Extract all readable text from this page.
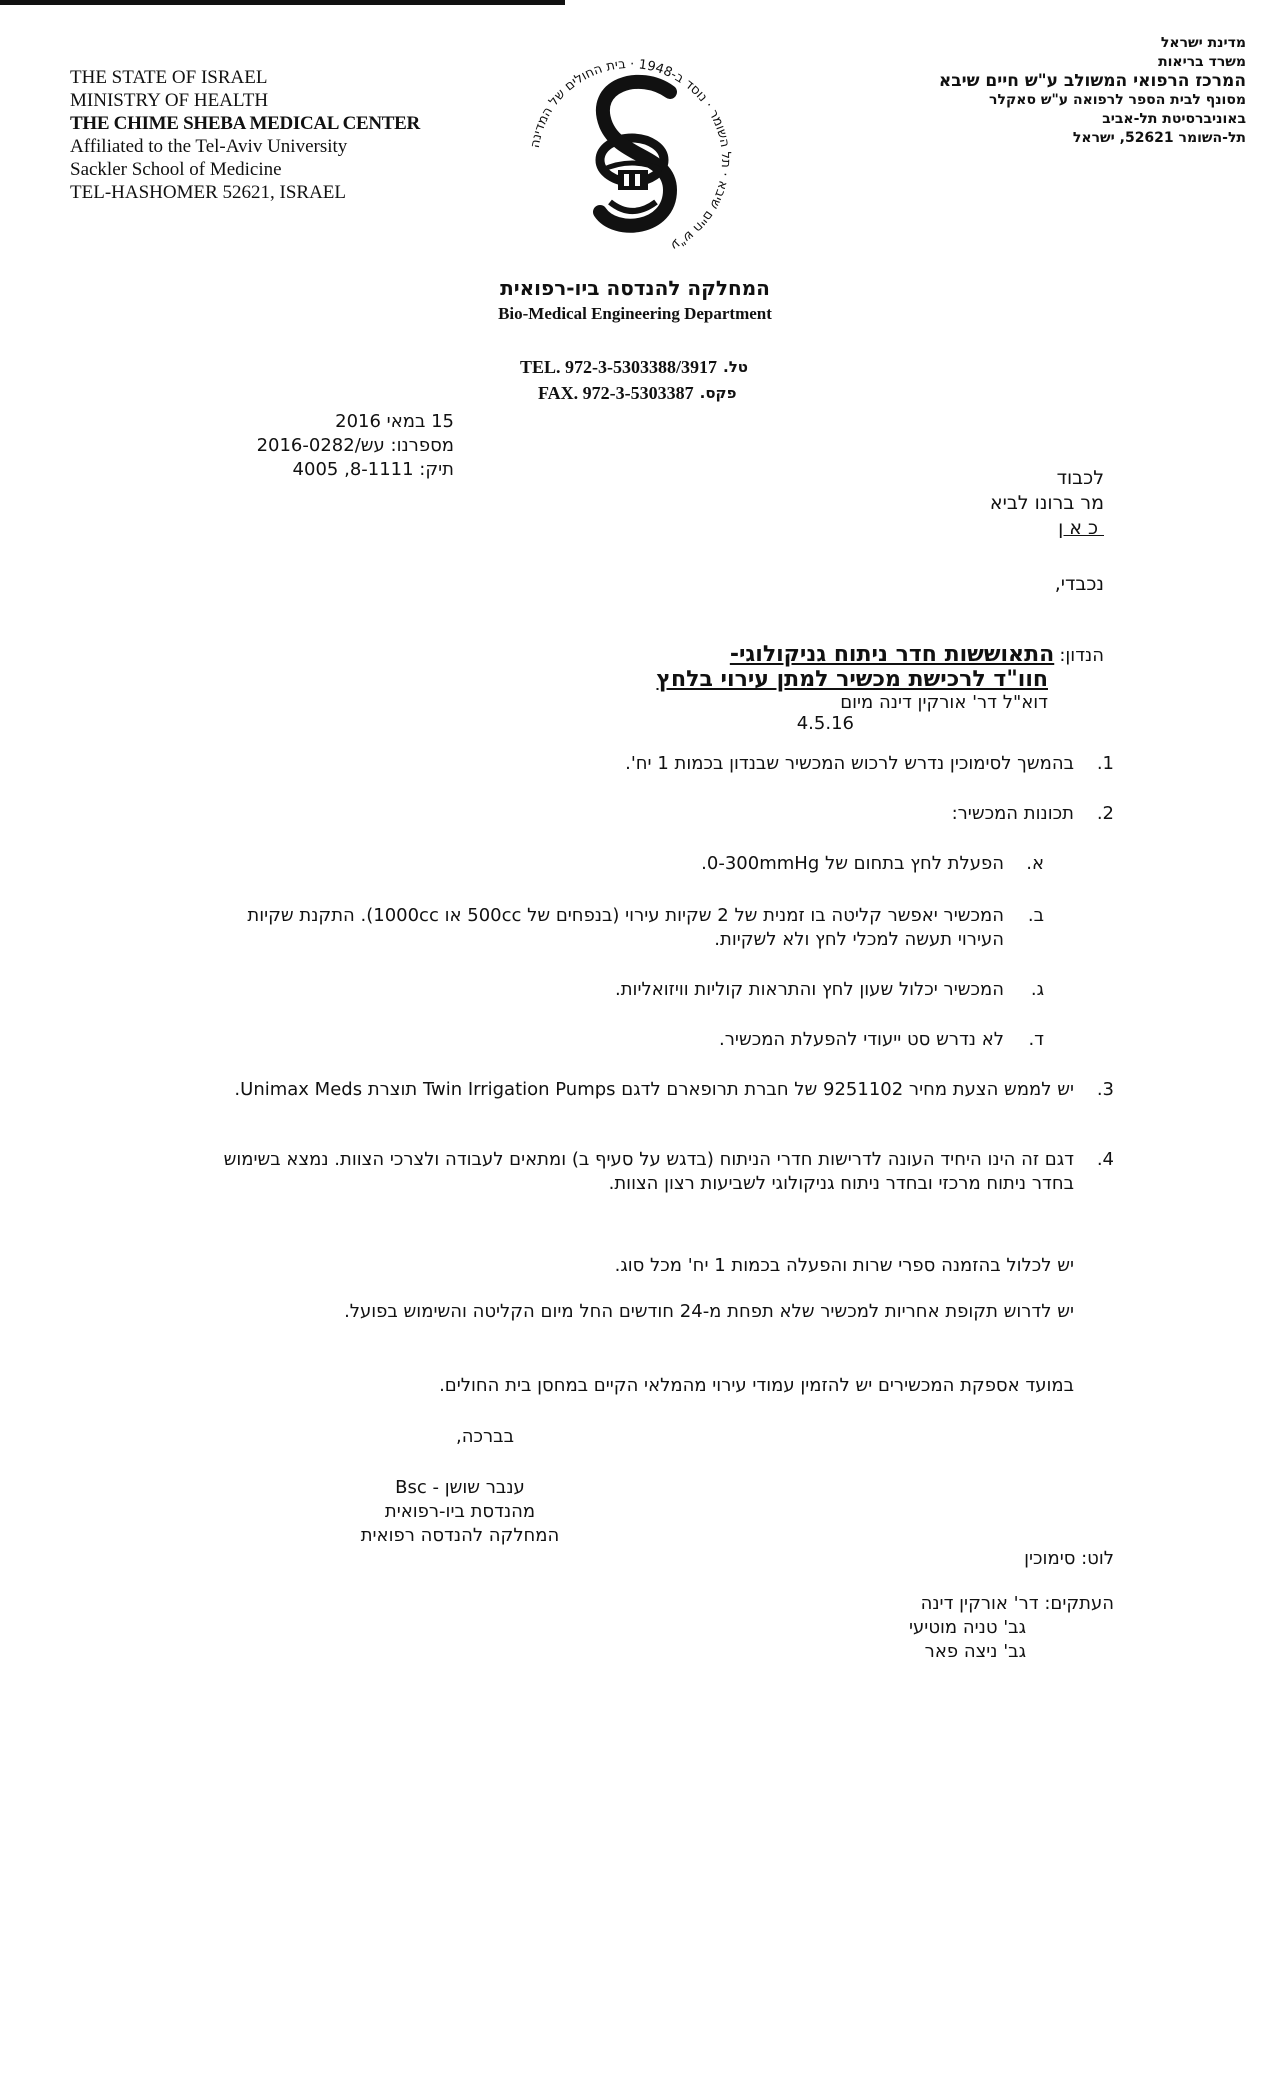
THE STATE OF ISRAEL
MINISTRY OF HEALTH
THE CHIME SHEBA MEDICAL CENTER
Affiliated to the Tel-Aviv University
Sackler School of Medicine
TEL-HASHOMER 52621, ISRAEL
מדינת ישראל
משרד בריאות
המרכז הרפואי המשולב ע"ש חיים שיבא
מסונף לבית הספר לרפואה ע"ש סאקלר
באוניברסיטת תל-אביב
תל-השומר 52621, ישראל
ע"ש חיים שיבא · תל השומר · נוסד ב-1948 · בית החולים של המדינה
המחלקה להנדסה ביו-רפואית
Bio-Medical Engineering Department
TEL. 972-3-5303388/3917 טל.
FAX. 972-3-5303387 פקס.
15 במאי 2016
מספרנו: עש/2016-0282
תיק: 8-1111, 4005	לכבוד
מר ברונו לביא
כאן
נכבדי,
הנדון: התאוששות חדר ניתוח גניקולוגי-
חוו"ד לרכישת מכשיר למתן עירוי בלחץ
דוא"ל דר' אורקין דינה מיום
4.5.16
1.
בהמשך לסימוכין נדרש לרכוש המכשיר שבנדון בכמות 1 יח'.
2.
תכונות המכשיר:
א.
הפעלת לחץ בתחום של 0-300mmHg.
ב.
המכשיר יאפשר קליטה בו זמנית של 2 שקיות עירוי (בנפחים של 500cc או 1000cc). התקנת שקיות העירוי תעשה למכלי לחץ ולא לשקיות.
ג.
המכשיר יכלול שעון לחץ והתראות קוליות וויזואליות.
ד.
לא נדרש סט ייעודי להפעלת המכשיר.
3.
יש לממש הצעת מחיר 9251102 של חברת תרופארם לדגם Twin Irrigation Pumps תוצרת Unimax Meds.
4.
דגם זה הינו היחיד העונה לדרישות חדרי הניתוח (בדגש על סעיף ב) ומתאים לעבודה ולצרכי הצוות. נמצא בשימוש בחדר ניתוח מרכזי ובחדר ניתוח גניקולוגי לשביעות רצון הצוות.
יש לכלול בהזמנה ספרי שרות והפעלה בכמות 1 יח' מכל סוג.
יש לדרוש תקופת אחריות למכשיר שלא תפחת מ-24 חודשים החל מיום הקליטה והשימוש בפועל.
במועד אספקת המכשירים יש להזמין עמודי עירוי מהמלאי הקיים במחסן בית החולים.
בברכה,
ענבר שושן - Bsc
מהנדסת ביו-רפואית
המחלקה להנדסה רפואית
לוט: סימוכין
העתקים: דר' אורקין דינה
גב' טניה מוטיעי
גב' ניצה פאר
